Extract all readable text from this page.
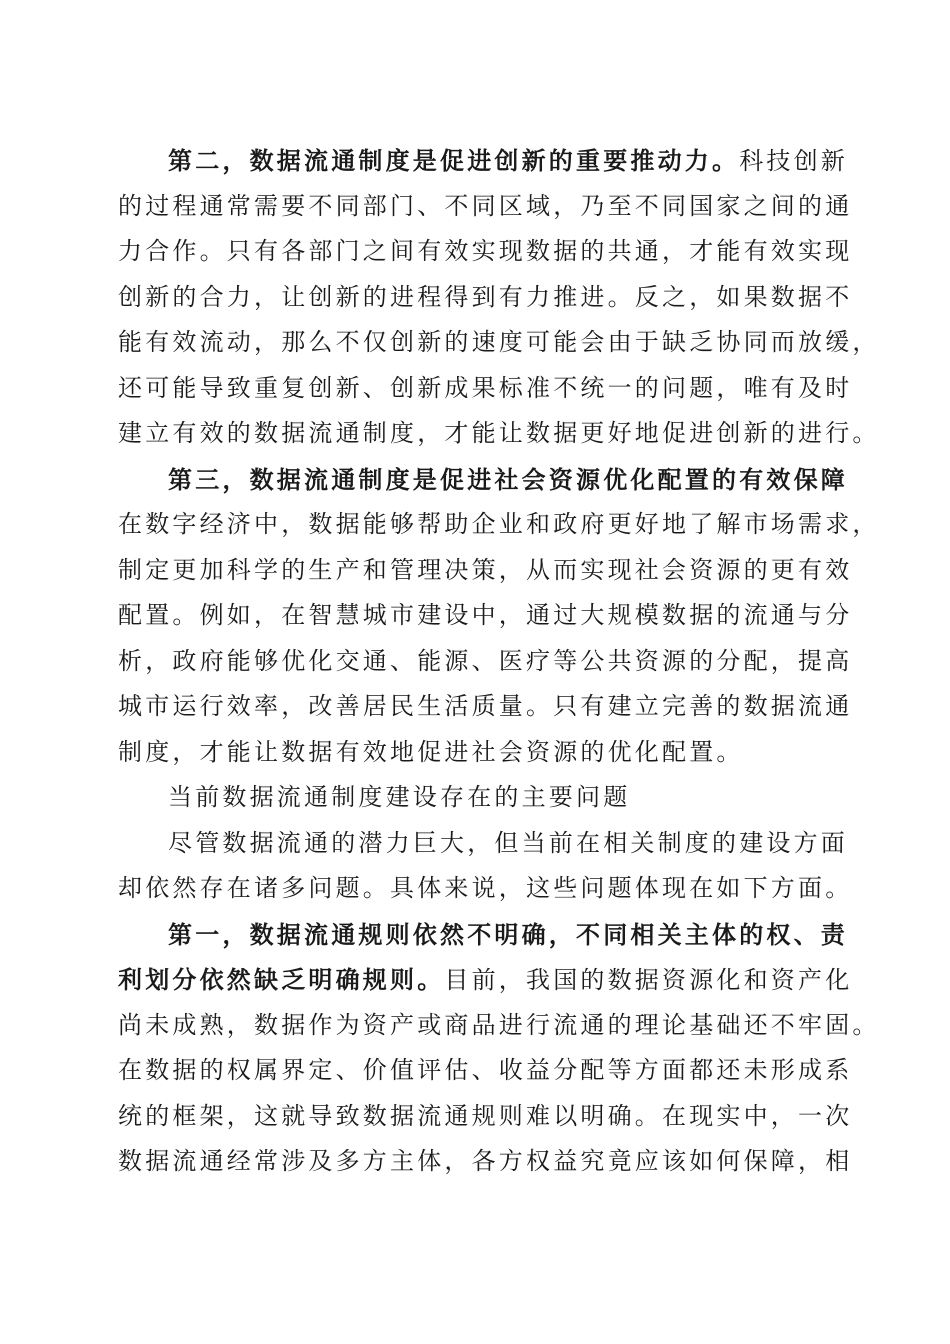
第二，数据流通制度是促进创新的重要推动力。科技创新
的过程通常需要不同部门、不同区域，乃至不同国家之间的通
力合作。只有各部门之间有效实现数据的共通，才能有效实现
创新的合力，让创新的进程得到有力推进。反之，如果数据不
能有效流动，那么不仅创新的速度可能会由于缺乏协同而放缓，
还可能导致重复创新、创新成果标准不统一的问题，唯有及时
建立有效的数据流通制度，才能让数据更好地促进创新的进行。
第三，数据流通制度是促进社会资源优化配置的有效保障
在数字经济中，数据能够帮助企业和政府更好地了解市场需求，
制定更加科学的生产和管理决策，从而实现社会资源的更有效
配置。例如，在智慧城市建设中，通过大规模数据的流通与分
析，政府能够优化交通、能源、医疗等公共资源的分配，提高
城市运行效率，改善居民生活质量。只有建立完善的数据流通
制度，才能让数据有效地促进社会资源的优化配置。
当前数据流通制度建设存在的主要问题
尽管数据流通的潜力巨大，但当前在相关制度的建设方面
却依然存在诸多问题。具体来说，这些问题体现在如下方面。
第一，数据流通规则依然不明确，不同相关主体的权、责
利划分依然缺乏明确规则。目前，我国的数据资源化和资产化
尚未成熟，数据作为资产或商品进行流通的理论基础还不牢固。
在数据的权属界定、价值评估、收益分配等方面都还未形成系
统的框架，这就导致数据流通规则难以明确。在现实中，一次
数据流通经常涉及多方主体，各方权益究竟应该如何保障，相
